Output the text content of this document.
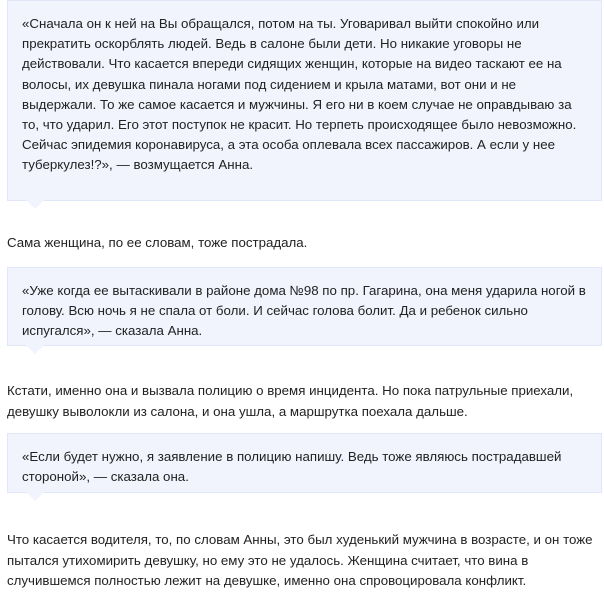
«Сначала он к ней на Вы обращался, потом на ты. Уговаривал выйти спокойно или прекратить оскорблять людей. Ведь в салоне были дети. Но никакие уговоры не действовали. Что касается впереди сидящих женщин, которые на видео таскают ее на волосы, их девушка пинала ногами под сидением и крыла матами, вот они и не выдержали. То же самое касается и мужчины. Я его ни в коем случае не оправдываю за то, что ударил. Его этот поступок не красит. Но терпеть происходящее было невозможно. Сейчас эпидемия коронавируса, а эта особа оплевала всех пассажиров. А если у нее туберкулез!?», — возмущается Анна.

Сама женщина, по ее словам, тоже пострадала.

«Уже когда ее вытаскивали в районе дома №98 по пр. Гагарина, она меня ударила ногой в голову. Всю ночь я не спала от боли. И сейчас голова болит. Да и ребенок сильно испугался», — сказала Анна.

Кстати, именно она и вызвала полицию о время инцидента. Но пока патрульные приехали, девушку выволокли из салона, и она ушла, а маршрутка поехала дальше.

«Если будет нужно, я заявление в полицию напишу. Ведь тоже являюсь пострадавшей стороной», — сказала она.

Что касается водителя, то, по словам Анны, это был худенький мужчина в возрасте, и он тоже пытался утихомирить девушку, но ему это не удалось. Женщина считает, что вина в случившемся полностью лежит на девушке, именно она спровоцировала конфликт.
